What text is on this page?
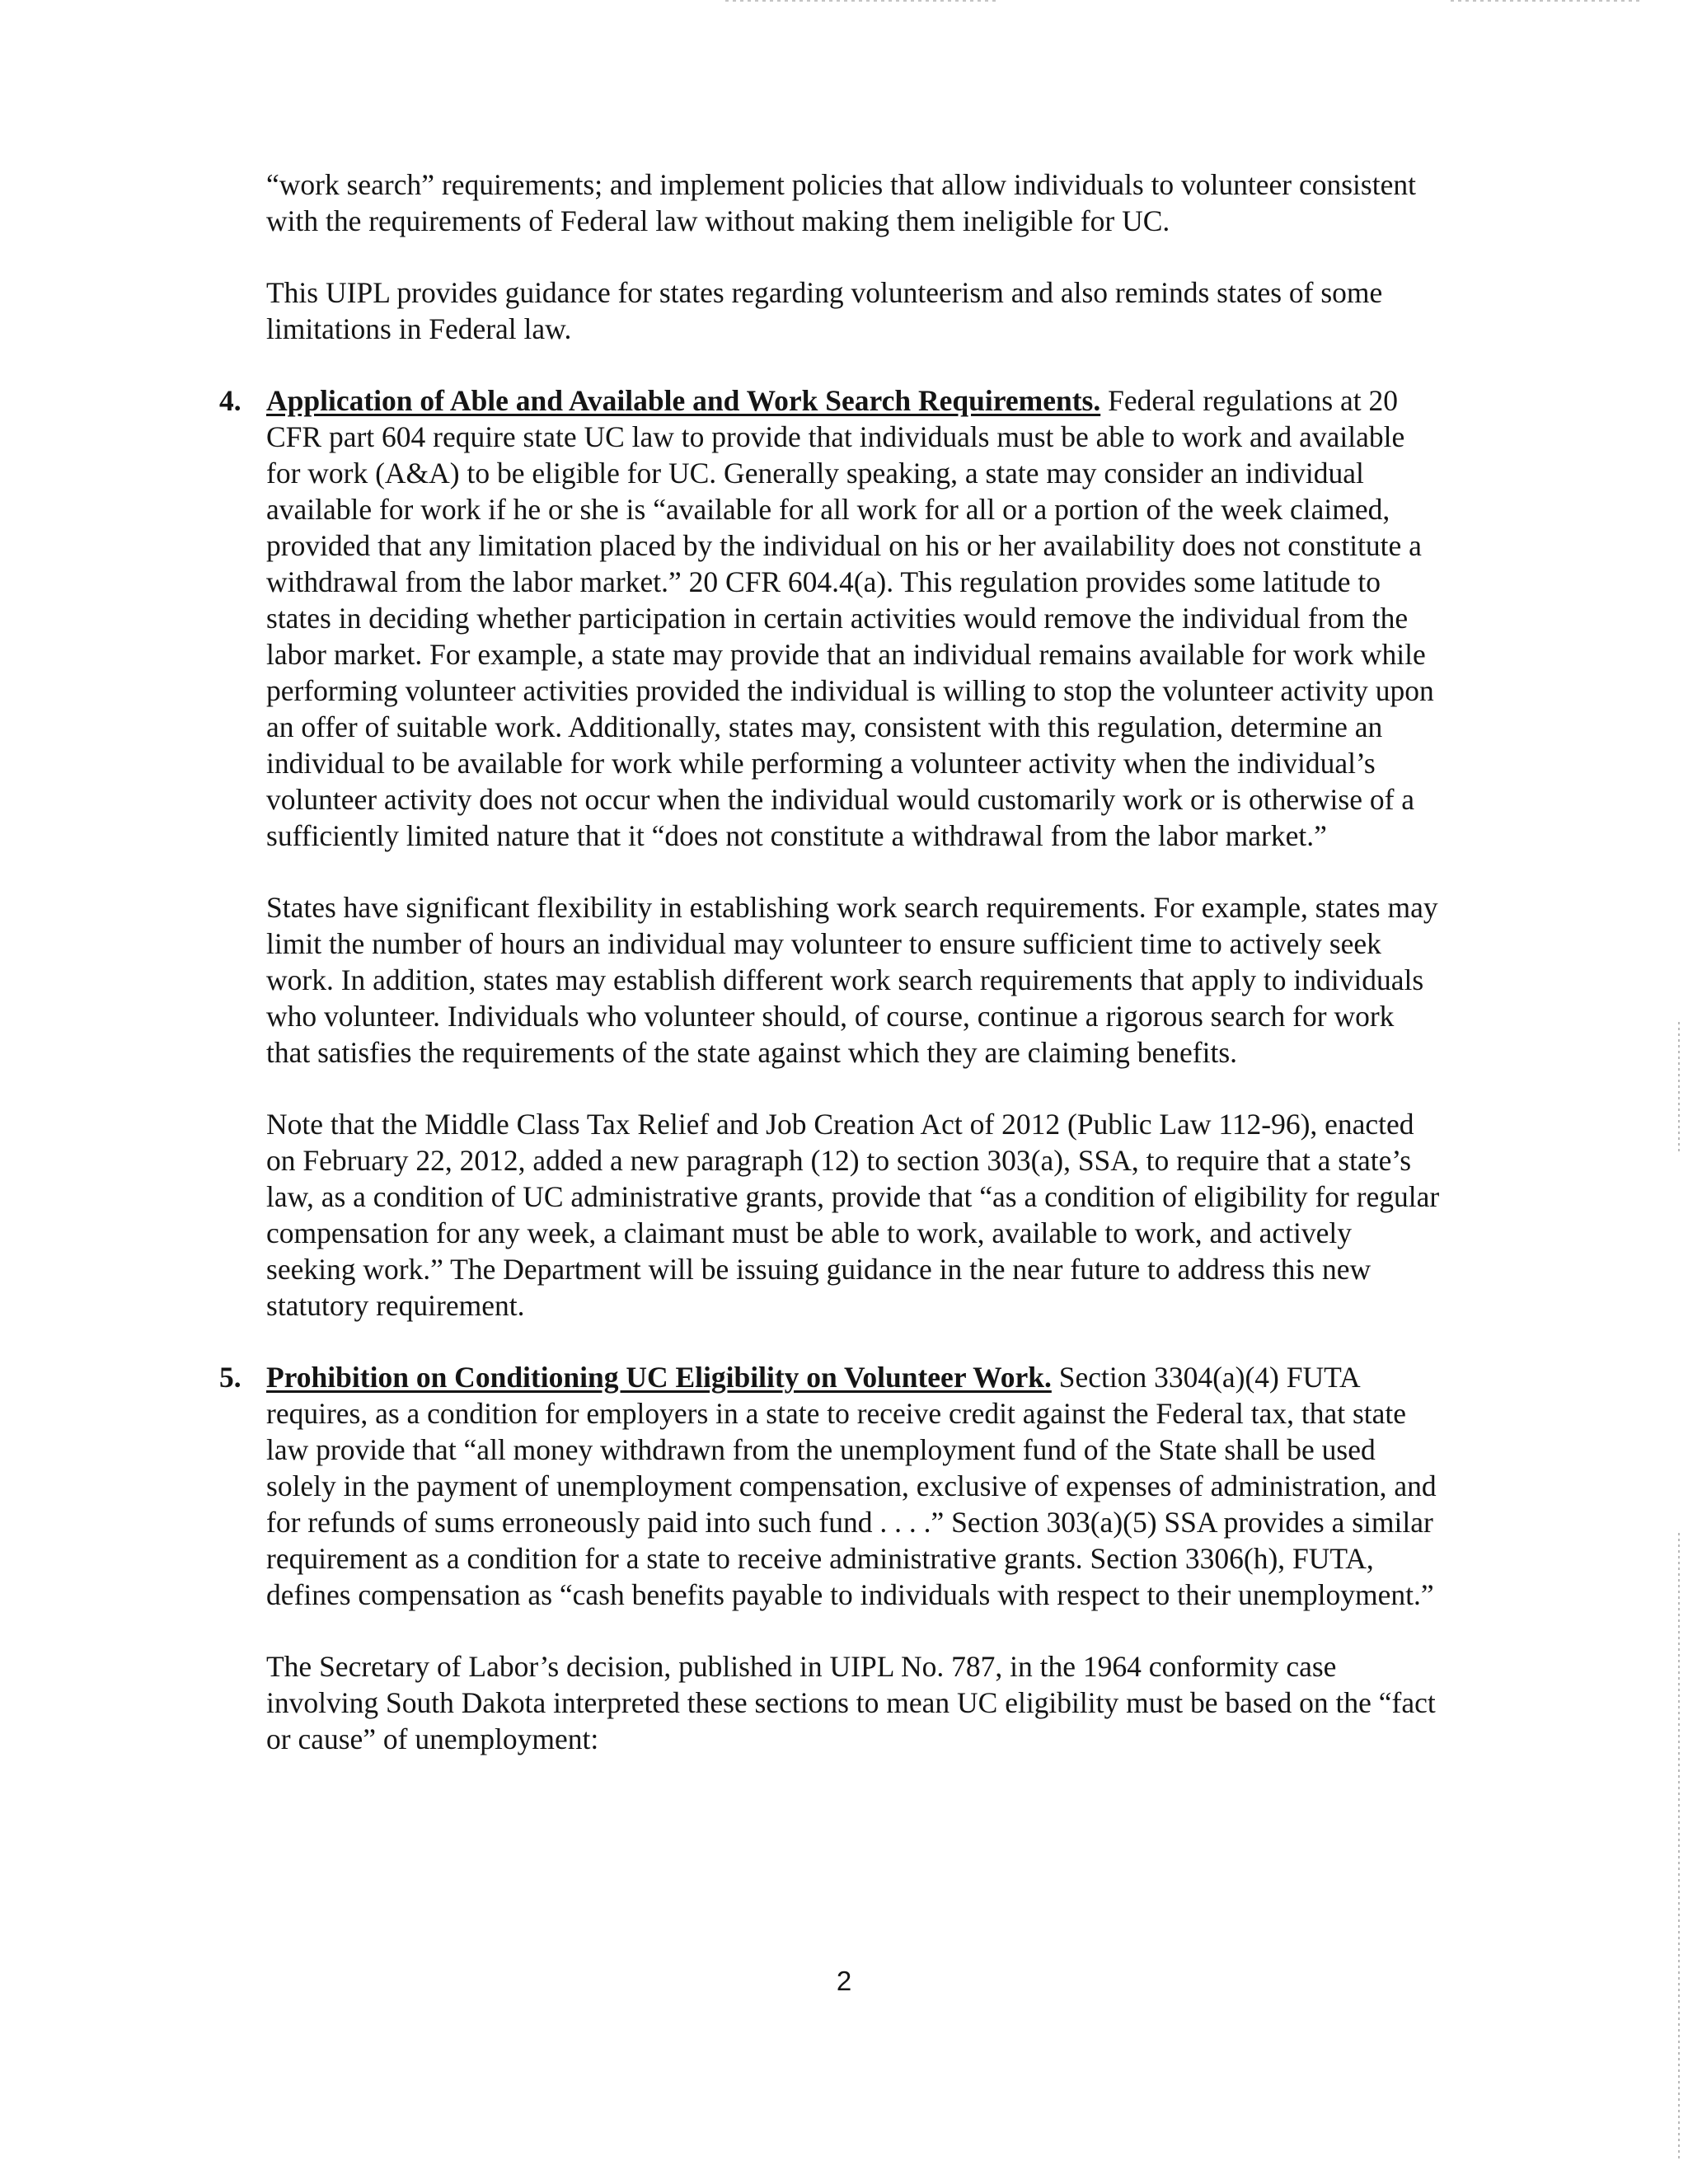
“work search” requirements; and implement policies that allow individuals to volunteer consistent with the requirements of Federal law without making them ineligible for UC.

This UIPL provides guidance for states regarding volunteerism and also reminds states of some limitations in Federal law.

4. Application of Able and Available and Work Search Requirements. Federal regulations at 20 CFR part 604 require state UC law to provide that individuals must be able to work and available for work (A&A) to be eligible for UC. Generally speaking, a state may consider an individual available for work if he or she is “available for all work for all or a portion of the week claimed, provided that any limitation placed by the individual on his or her availability does not constitute a withdrawal from the labor market.” 20 CFR 604.4(a). This regulation provides some latitude to states in deciding whether participation in certain activities would remove the individual from the labor market. For example, a state may provide that an individual remains available for work while performing volunteer activities provided the individual is willing to stop the volunteer activity upon an offer of suitable work. Additionally, states may, consistent with this regulation, determine an individual to be available for work while performing a volunteer activity when the individual’s volunteer activity does not occur when the individual would customarily work or is otherwise of a sufficiently limited nature that it “does not constitute a withdrawal from the labor market.”

States have significant flexibility in establishing work search requirements. For example, states may limit the number of hours an individual may volunteer to ensure sufficient time to actively seek work. In addition, states may establish different work search requirements that apply to individuals who volunteer. Individuals who volunteer should, of course, continue a rigorous search for work that satisfies the requirements of the state against which they are claiming benefits.

Note that the Middle Class Tax Relief and Job Creation Act of 2012 (Public Law 112-96), enacted on February 22, 2012, added a new paragraph (12) to section 303(a), SSA, to require that a state’s law, as a condition of UC administrative grants, provide that “as a condition of eligibility for regular compensation for any week, a claimant must be able to work, available to work, and actively seeking work.” The Department will be issuing guidance in the near future to address this new statutory requirement.

5. Prohibition on Conditioning UC Eligibility on Volunteer Work. Section 3304(a)(4) FUTA requires, as a condition for employers in a state to receive credit against the Federal tax, that state law provide that “all money withdrawn from the unemployment fund of the State shall be used solely in the payment of unemployment compensation, exclusive of expenses of administration, and for refunds of sums erroneously paid into such fund . . . .” Section 303(a)(5) SSA provides a similar requirement as a condition for a state to receive administrative grants. Section 3306(h), FUTA, defines compensation as “cash benefits payable to individuals with respect to their unemployment.”

The Secretary of Labor’s decision, published in UIPL No. 787, in the 1964 conformity case involving South Dakota interpreted these sections to mean UC eligibility must be based on the “fact or cause” of unemployment:

2
